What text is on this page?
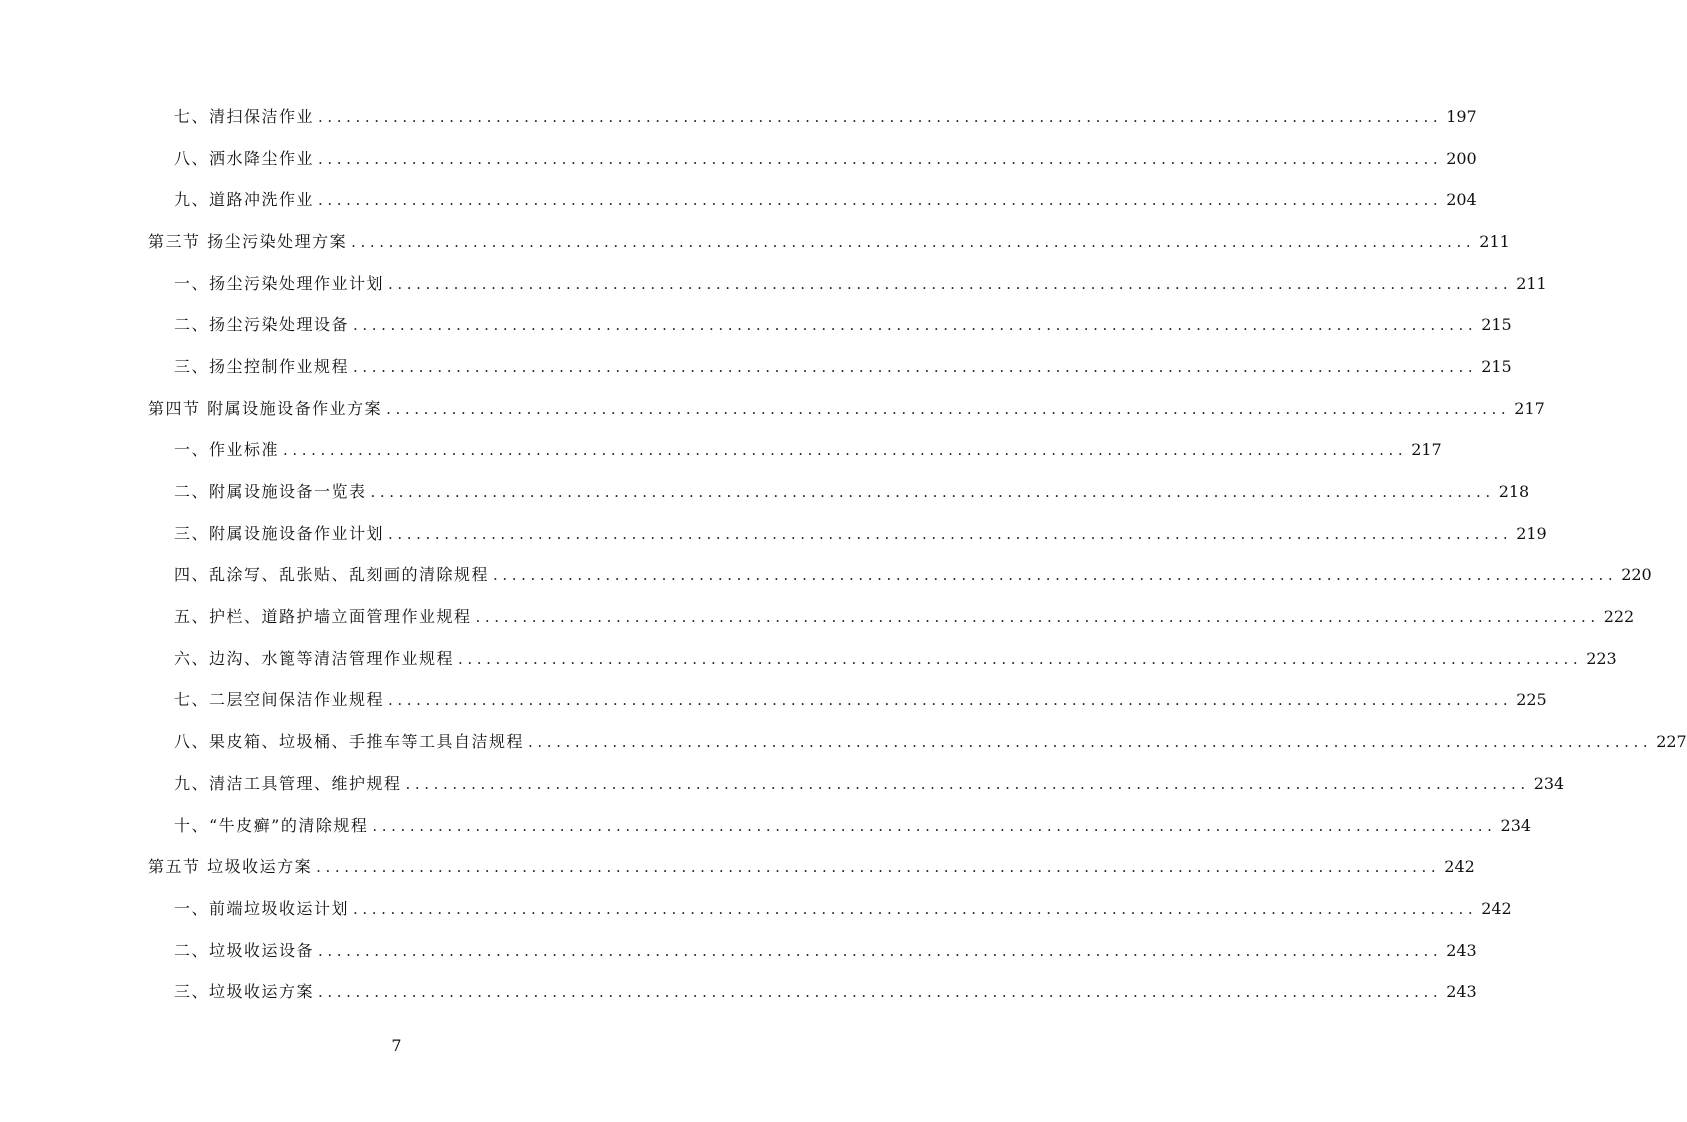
七、清扫保洁作业 ........................................................................................................................ 197
八、洒水降尘作业 ........................................................................................................................ 200
九、道路冲洗作业 ........................................................................................................................ 204
第三节 扬尘污染处理方案 ........................................................................................................................ 211
一、扬尘污染处理作业计划 ........................................................................................................................ 211
二、扬尘污染处理设备 ........................................................................................................................ 215
三、扬尘控制作业规程 ........................................................................................................................ 215
第四节 附属设施设备作业方案 ........................................................................................................................ 217
一、作业标准 ........................................................................................................................ 217
二、附属设施设备一览表 ........................................................................................................................ 218
三、附属设施设备作业计划 ........................................................................................................................ 219
四、乱涂写、乱张贴、乱刻画的清除规程 ........................................................................................................................ 220
五、护栏、道路护墙立面管理作业规程 ........................................................................................................................ 222
六、边沟、水篦等清洁管理作业规程 ........................................................................................................................ 223
七、二层空间保洁作业规程 ........................................................................................................................ 225
八、果皮箱、垃圾桶、手推车等工具自洁规程 ........................................................................................................................ 227
九、清洁工具管理、维护规程 ........................................................................................................................ 234
十、“牛皮癣”的清除规程 ........................................................................................................................ 234
第五节 垃圾收运方案 ........................................................................................................................ 242
一、前端垃圾收运计划 ........................................................................................................................ 242
二、垃圾收运设备 ........................................................................................................................ 243
三、垃圾收运方案 ........................................................................................................................ 243
7
